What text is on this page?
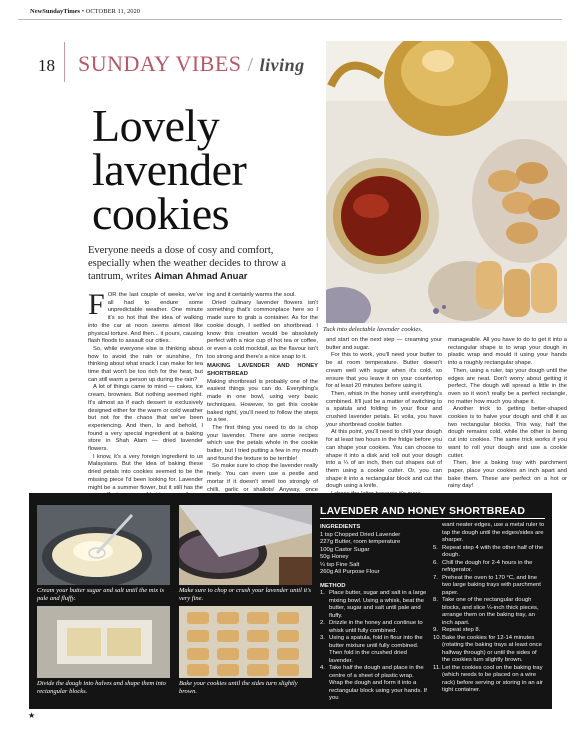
NewSundayTimes • OCTOBER 11, 2020
18 SUNDAY VIBES / living
Tuck into delectable lavender cookies.
Lovely
lavender
cookies
Everyone needs a dose of cosy and comfort, especially when the weather decides to throw a tantrum, writes Aiman Ahmad Anuar
F OR the last couple of weeks, we've all had to endure some unpredictable weather. One minute it's so hot that the idea of walking into the car at noon seems almost like physical torture. And then... it pours, causing flash floods to assault our cities.

So, while everyone else is thinking about how to avoid the rain or sunshine, I'm thinking about what snack I can make for tea time that won't be too rich for the heat, but can still warm a person up during the rain?

A lot of things came to mind — cakes, ice cream, brownies. But nothing seemed right. It's almost as if each dessert is exclusively designed either for the warm or cold weather but not for the chaos that we've been experiencing. And then, lo and behold, I found a very special ingredient at a baking store in Shah Alam — dried lavender flowers.

I know, it's a very foreign ingredient to us Malaysians. But the idea of baking these dried petals into cookies seemed to be the missing piece I'd been looking for. Lavender might be a summer flower, but it still has the

ing and it certainly warms the soul.

Dried culinary lavender flowers isn't something that's commonplace here so I made sure to grab a container. As for the cookie dough, I settled on shortbread. I know this creation would be absolutely perfect with a nice cup of hot tea or coffee, or even a cold mocktail, as the flavour isn't too strong and there's a nice snap to it.

MAKING LAVENDER AND HONEY SHORTBREAD

Making shortbread is probably one of the easiest things you can do. Everything's made in one bowl, using very basic techniques. However, to get this cookie baked right, you'll need to follow the steps to a tee.

The first thing you need to do is chop your lavender. There are some recipes which use the petals whole in the cookie batter, but I tried putting a few in my mouth and found the texture to be terrible!

So make sure to chop the lavender really finely. You can even use a pestle and mortar if it doesn't smell too strongly of chilli, garlic or shallots! Anyway, once

and start on the next step — creaming your butter and sugar.

For this to work, you'll need your butter to be at room temperature. Butter doesn't cream well with sugar when it's cold, so ensure that you leave it on your countertop for at least 20 minutes before using it.

Then, whisk in the honey until everything's combined. It'll just be a matter of switching to a spatula and folding in your flour and crushed lavender petals. Et voila, you have your shortbread cookie batter.

At this point, you'll need to chill your dough for at least two hours in the fridge before you can shape your cookies. You can choose to shape it into a disk and roll out your dough into a ¼ of an inch, then cut shapes out of them using a cookie cutter. Or, you can shape it into a rectangular block and cut the dough using a knife.

manageable. All you have to do to get it into a rectangular shape is to wrap your dough in plastic wrap and mould it using your hands into a roughly rectangular shape.

Then, using a ruler, tap your dough until the edges are neat. Don't worry about getting it perfect. The dough will spread a little in the oven so it won't really be a perfect rectangle, no matter how much you shape it.

Another trick to getting better-shaped cookies is to halve your dough and chill it as two rectangular blocks. This way, half the dough remains cold, while the other is being cut into cookies. The same trick works if you want to roll your dough and use a cookie cutter.

Then, line a baking tray with parchment paper, place your cookies an inch apart and bake them. These are perfect on a hot or rainy day!

Cream your butter sugar and salt until the mix is pale and fluffy.
Make sure to chop or crush your lavender until it's very fine.
Divide the dough into halves and shape them into rectangular blocks.
Bake your cookies until the sides turn slightly brown.
LAVENDER AND HONEY SHORTBREAD
INGREDIENTS
1 tsp Chopped Dried Lavender
227g Butter, room temperature
100g Castor Sugar
50g Honey
¼ tsp Fine Salt
260g All Purpose Flour
METHOD
1. Place butter, sugar and salt in a large mixing bowl. Using a whisk, beat the butter, sugar and salt until pale and fluffy.
2. Drizzle in the honey and continue to whisk until fully combined.
3. Using a spatula, fold in flour into the butter mixture until fully combined. Then fold in the crushed dried lavender.
4. Take half the dough and place in the centre of a sheet of plastic wrap. Wrap the dough and form it into a rectangular block using your hands. If you
want neater edges, use a metal ruler to tap the dough until the edges/sides are sharper.
5. Repeat step 4 with the other half of the dough.
6. Chill the dough for 2-4 hours in the refrigerator.
7. Preheat the oven to 170 °C, and line two large baking trays with parchment paper.
8. Take one of the rectangular dough blocks, and slice ¼-inch thick pieces, arrange them on the baking tray, an inch apart.
9. Repeat step 8.
10. Bake the cookies for 12-14 minutes (rotating the baking trays at least once halfway through) or until the sides of the cookies turn slightly brown.
11. Let the cookies cool on the baking tray (which needs to be placed on a wire rack) before serving or storing in an air tight container.
★
